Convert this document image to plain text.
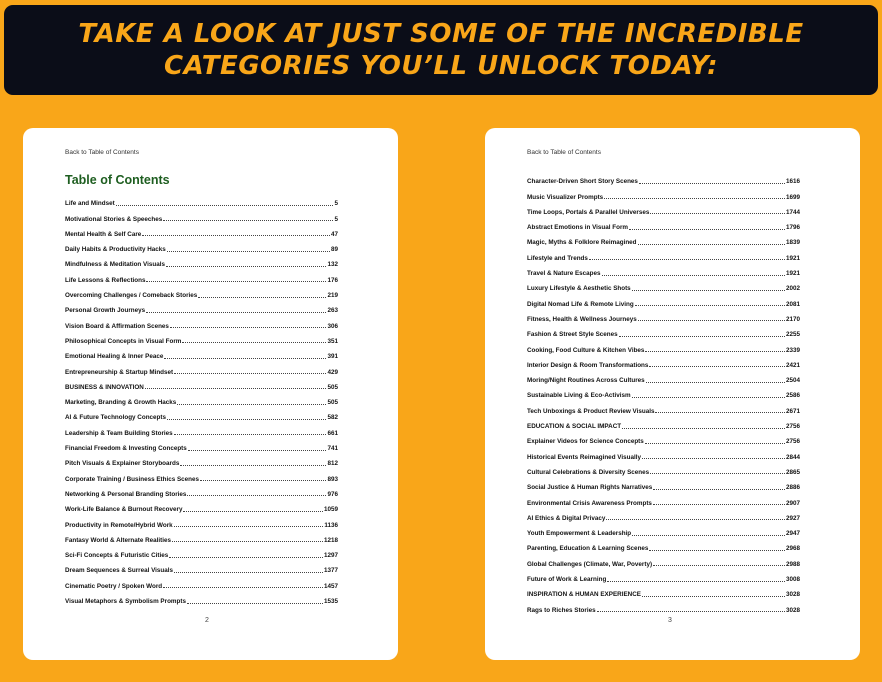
TAKE A LOOK AT JUST SOME OF THE INCREDIBLE
CATEGORIES YOU’LL UNLOCK TODAY:
Back to Table of Contents
Table of Contents
Life and Mindset	5
Motivational Stories & Speeches	5
Mental Health & Self Care	47
Daily Habits & Productivity Hacks	89
Mindfulness & Meditation Visuals	132
Life Lessons & Reflections	176
Overcoming Challenges / Comeback Stories	219
Personal Growth Journeys	263
Vision Board & Affirmation Scenes	306
Philosophical Concepts in Visual Form	351
Emotional Healing & Inner Peace	391
Entrepreneurship & Startup Mindset	429
BUSINESS & INNOVATION	505
Marketing, Branding & Growth Hacks	505
AI & Future Technology Concepts	582
Leadership & Team Building Stories	661
Financial Freedom & Investing Concepts	741
Pitch Visuals & Explainer Storyboards	812
Corporate Training / Business Ethics Scenes	893
Networking & Personal Branding Stories	976
Work-Life Balance & Burnout Recovery	1059
Productivity in Remote/Hybrid Work	1136
Fantasy World & Alternate Realities	1218
Sci-Fi Concepts & Futuristic Cities	1297
Dream Sequences & Surreal Visuals	1377
Cinematic Poetry / Spoken Word	1457
Visual Metaphors & Symbolism Prompts	1535
2
Back to Table of Contents
Character-Driven Short Story Scenes	1616
Music Visualizer Prompts	1699
Time Loops, Portals & Parallel Universes	1744
Abstract Emotions in Visual Form	1796
Magic, Myths & Folklore Reimagined	1839
Lifestyle and Trends	1921
Travel & Nature Escapes	1921
Luxury Lifestyle & Aesthetic Shots	2002
Digital Nomad Life & Remote Living	2081
Fitness, Health & Wellness Journeys	2170
Fashion & Street Style Scenes	2255
Cooking, Food Culture & Kitchen Vibes	2339
Interior Design & Room Transformations	2421
Moring/Night Routines Across Cultures	2504
Sustainable Living & Eco-Activism	2586
Tech Unboxings & Product Review Visuals	2671
EDUCATION & SOCIAL IMPACT	2756
Explainer Videos for Science Concepts	2756
Historical Events Reimagined Visually	2844
Cultural Celebrations & Diversity Scenes	2865
Social Justice & Human Rights Narratives	2886
Environmental Crisis Awareness Prompts	2907
AI Ethics & Digital Privacy	2927
Youth Empowerment & Leadership	2947
Parenting, Education & Learning Scenes	2968
Global Challenges (Climate, War, Poverty)	2988
Future of Work & Learning	3008
INSPIRATION & HUMAN EXPERIENCE	3028
Rags to Riches Stories	3028
3
